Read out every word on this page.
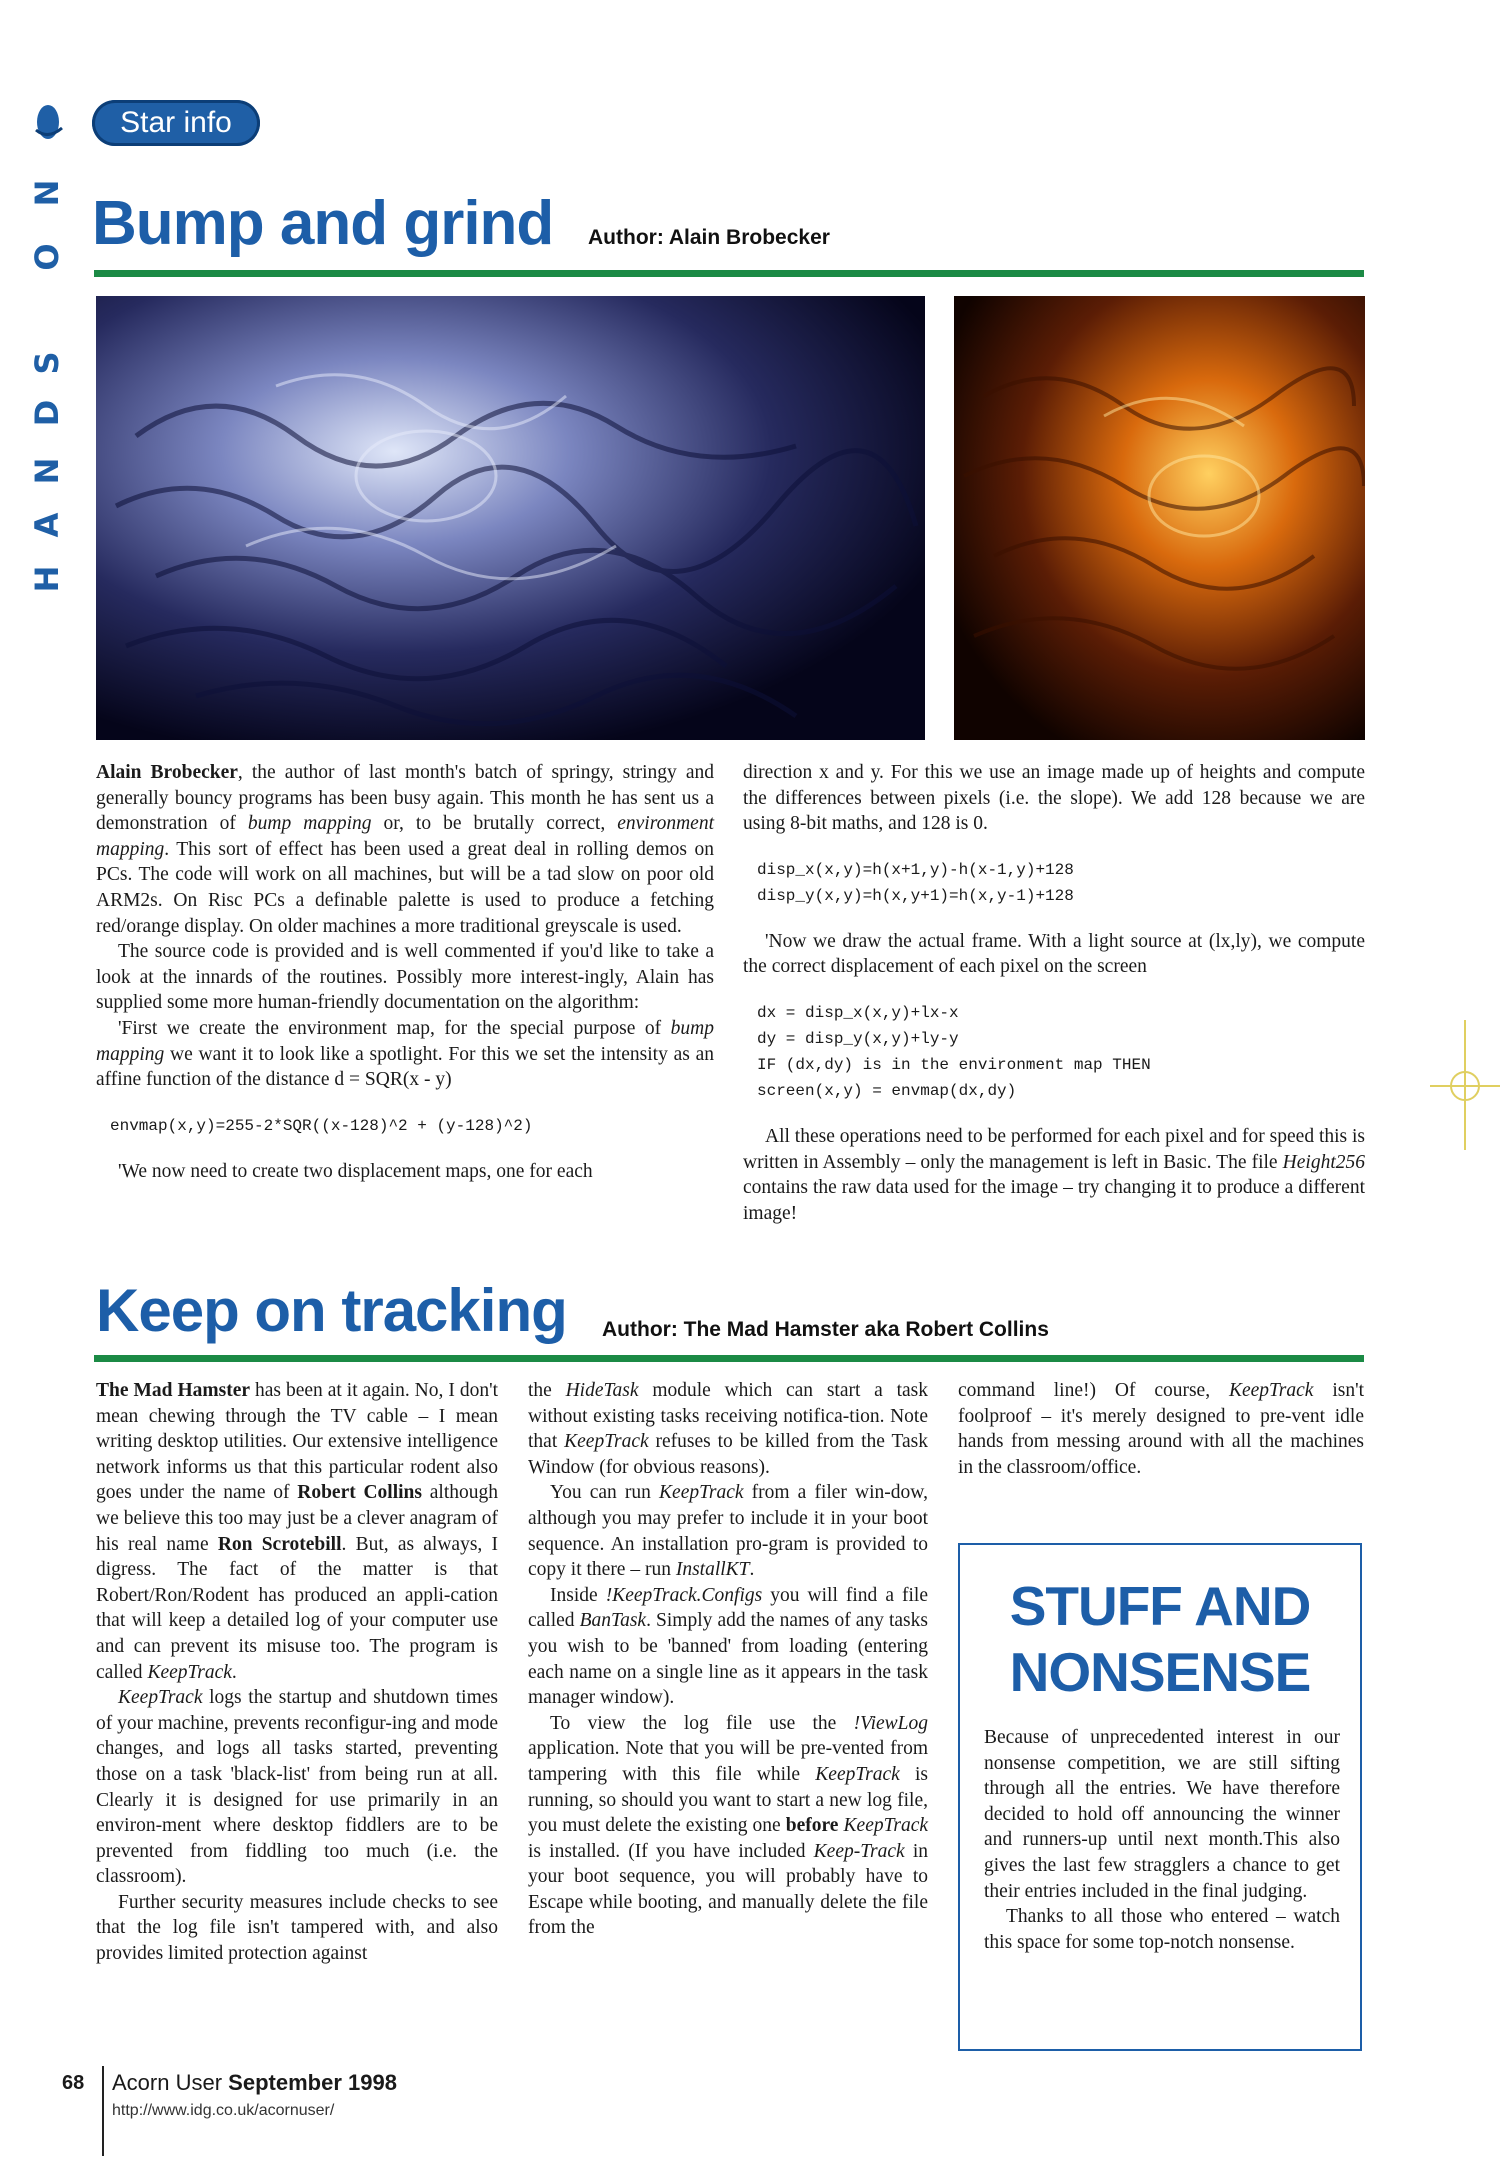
N
O
S
D
N
A
H
Star info
Bump and grind Author: Alain Brobecker

Alain Brobecker, the author of last month's batch of springy, stringy and generally bouncy programs has been busy again. This month he has sent us a demonstration of bump mapping or, to be brutally correct, environment mapping. This sort of effect has been used a great deal in rolling demos on PCs. The code will work on all machines, but will be a tad slow on poor old ARM2s. On Risc PCs a definable palette is used to produce a fetching red/orange display. On older machines a more traditional greyscale is used.

The source code is provided and is well commented if you'd like to take a look at the innards of the routines. Possibly more interest-ingly, Alain has supplied some more human-friendly documentation on the algorithm:

'First we create the environment map, for the special purpose of bump mapping we want it to look like a spotlight. For this we set the intensity as an affine function of the distance d = SQR(x - y)

envmap(x,y)=255-2*SQR((x-128)^2 + (y-128)^2)

'We now need to create two displacement maps, one for each

direction x and y. For this we use an image made up of heights and compute the differences between pixels (i.e. the slope). We add 128 because we are using 8-bit maths, and 128 is 0.

disp_x(x,y)=h(x+1,y)-h(x-1,y)+128
disp_y(x,y)=h(x,y+1)=h(x,y-1)+128

'Now we draw the actual frame. With a light source at (lx,ly), we compute the correct displacement of each pixel on the screen

dx = disp_x(x,y)+lx-x
dy = disp_y(x,y)+ly-y
IF (dx,dy) is in the environment map THEN
screen(x,y) = envmap(dx,dy)

All these operations need to be performed for each pixel and for speed this is written in Assembly – only the management is left in Basic. The file Height256 contains the raw data used for the image – try changing it to produce a different image!

Keep on tracking Author: The Mad Hamster aka Robert Collins

The Mad Hamster has been at it again. No, I don't mean chewing through the TV cable – I mean writing desktop utilities. Our extensive intelligence network informs us that this particular rodent also goes under the name of Robert Collins although we believe this too may just be a clever anagram of his real name Ron Scrotebill. But, as always, I digress. The fact of the matter is that Robert/Ron/Rodent has produced an appli-cation that will keep a detailed log of your computer use and can prevent its misuse too. The program is called KeepTrack.

KeepTrack logs the startup and shutdown times of your machine, prevents reconfigur-ing and mode changes, and logs all tasks started, preventing those on a task 'black-list' from being run at all. Clearly it is designed for use primarily in an environ-ment where desktop fiddlers are to be prevented from fiddling too much (i.e. the classroom).

Further security measures include checks to see that the log file isn't tampered with, and also provides limited protection against

the HideTask module which can start a task without existing tasks receiving notifica-tion. Note that KeepTrack refuses to be killed from the Task Window (for obvious reasons).

You can run KeepTrack from a filer win-dow, although you may prefer to include it in your boot sequence. An installation pro-gram is provided to copy it there – run InstallKT.

Inside !KeepTrack.Configs you will find a file called BanTask. Simply add the names of any tasks you wish to be 'banned' from loading (entering each name on a single line as it appears in the task manager window).

To view the log file use the !ViewLog application. Note that you will be pre-vented from tampering with this file while KeepTrack is running, so should you want to start a new log file, you must delete the existing one before KeepTrack is installed. (If you have included Keep-Track in your boot sequence, you will probably have to Escape while booting, and manually delete the file from the

command line!) Of course, KeepTrack isn't foolproof – it's merely designed to pre-vent idle hands from messing around with all the machines in the classroom/office.

STUFF AND
NONSENSE

Because of unprecedented interest in our nonsense competition, we are still sifting through all the entries. We have therefore decided to hold off announcing the winner and runners-up until next month.This also gives the last few stragglers a chance to get their entries included in the final judging.

Thanks to all those who entered – watch this space for some top-notch nonsense.

68 Acorn User September 1998
http://www.idg.co.uk/acornuser/
